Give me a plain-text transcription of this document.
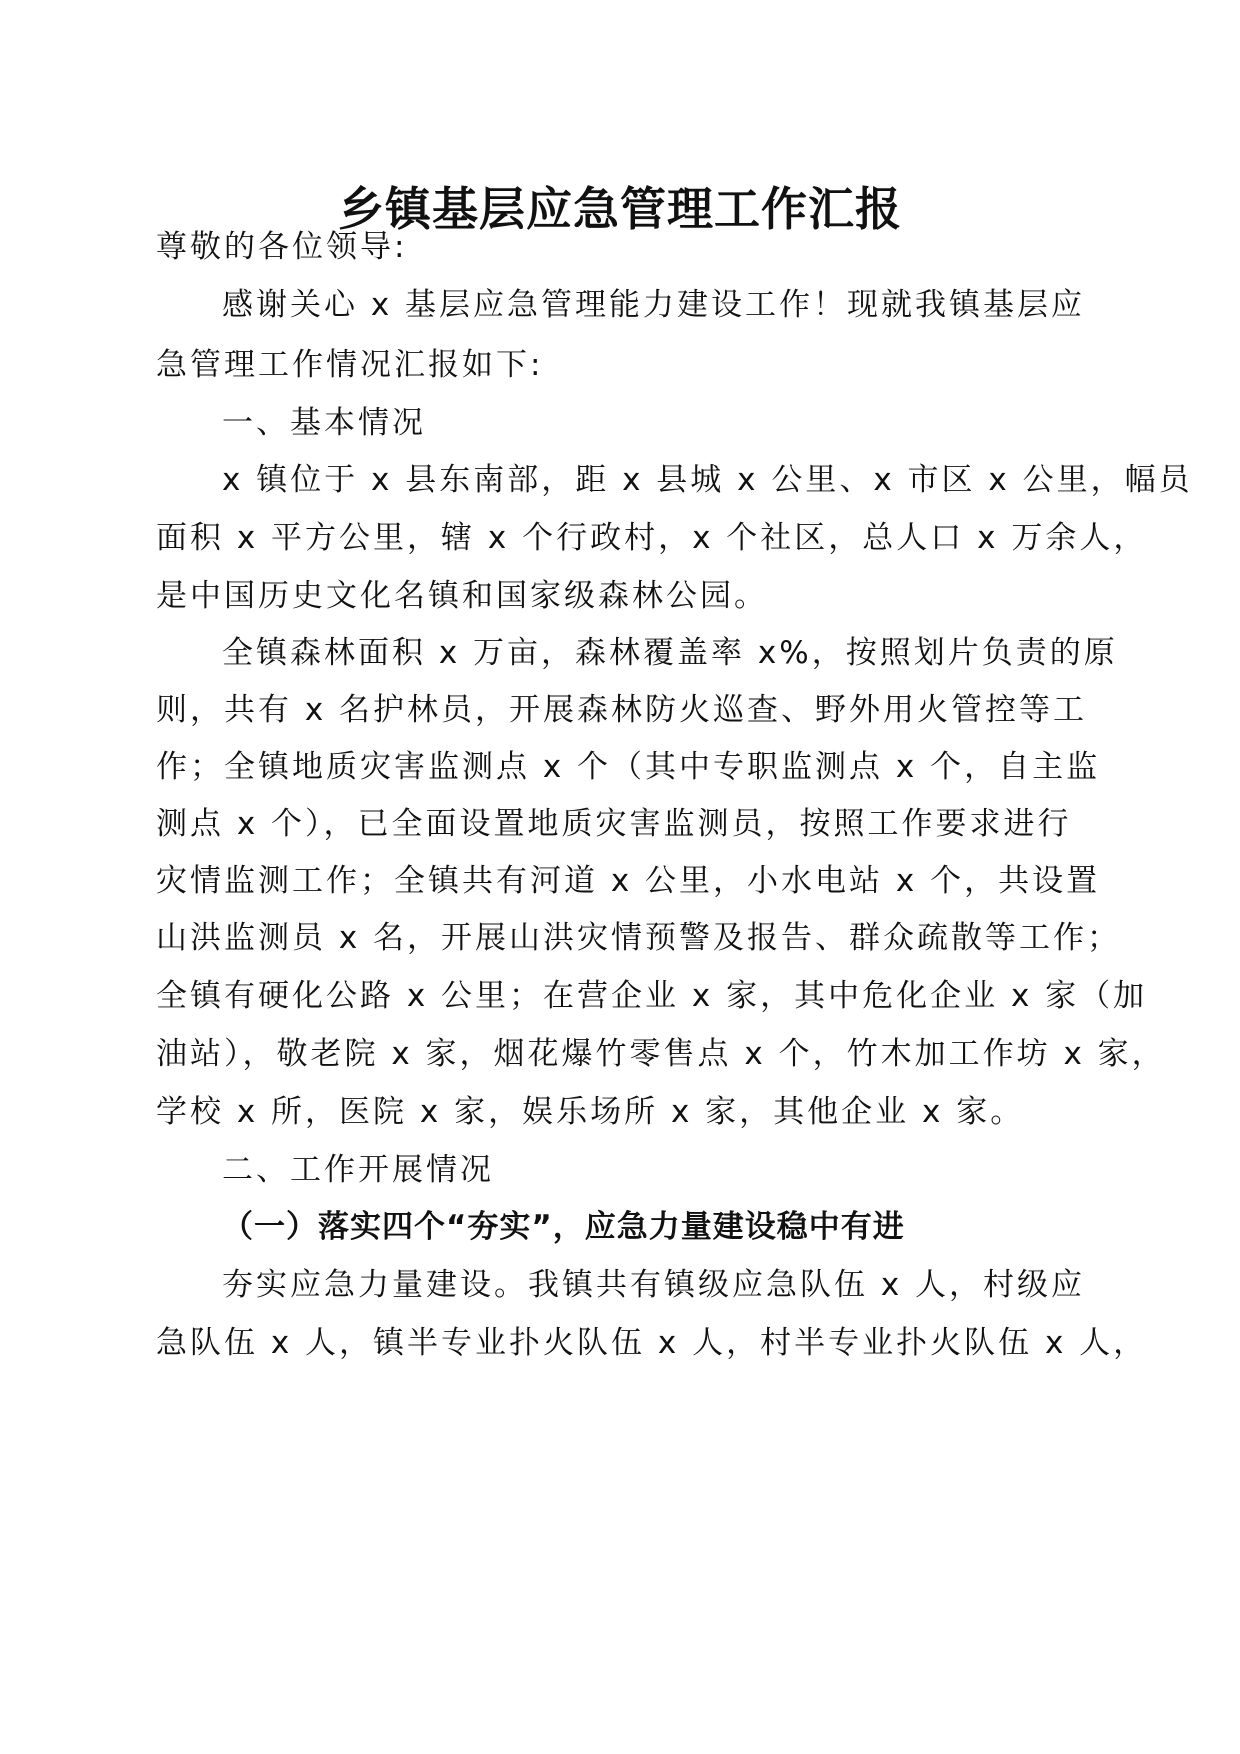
乡镇基层应急管理工作汇报
尊敬的各位领导:
感谢关心 x 基层应急管理能力建设工作！现就我镇基层应
急管理工作情况汇报如下:
一、基本情况
x 镇位于 x 县东南部，距 x 县城 x 公里、x 市区 x 公里，幅员
面积 x 平方公里，辖 x 个行政村，x 个社区，总人口 x 万余人，
是中国历史文化名镇和国家级森林公园。
全镇森林面积 x 万亩，森林覆盖率 x%，按照划片负责的原
则，共有 x 名护林员，开展森林防火巡查、野外用火管控等工
作；全镇地质灾害监测点 x 个（其中专职监测点 x 个，自主监
测点 x 个），已全面设置地质灾害监测员，按照工作要求进行
灾情监测工作；全镇共有河道 x 公里，小水电站 x 个，共设置
山洪监测员 x 名，开展山洪灾情预警及报告、群众疏散等工作；
全镇有硬化公路 x 公里；在营企业 x 家，其中危化企业 x 家（加
油站），敬老院 x 家，烟花爆竹零售点 x 个，竹木加工作坊 x 家，
学校 x 所，医院 x 家，娱乐场所 x 家，其他企业 x 家。
二、工作开展情况
（一）落实四个“夯实”，应急力量建设稳中有进
夯实应急力量建设。我镇共有镇级应急队伍 x 人，村级应
急队伍 x 人，镇半专业扑火队伍 x 人，村半专业扑火队伍 x 人，
